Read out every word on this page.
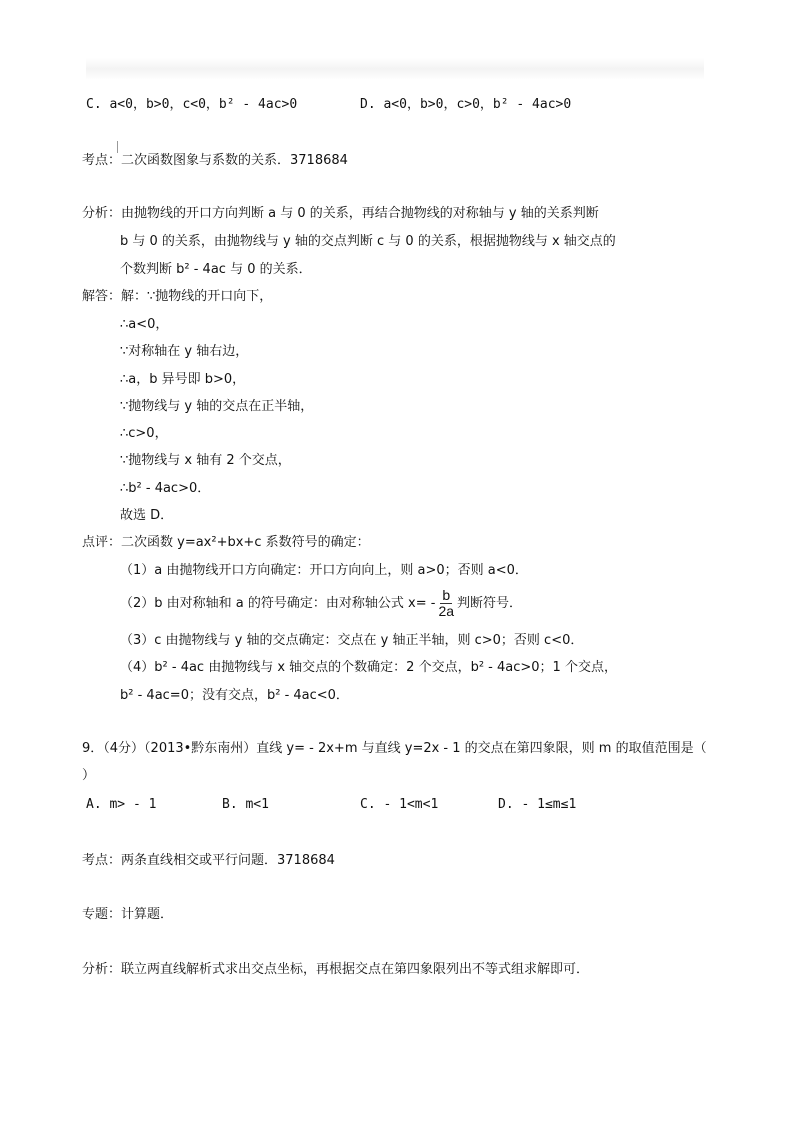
C. a<0，b>0，c<0，b² - 4ac>0	D. a<0，b>0，c>0，b² - 4ac>0
考点：二次函数图象与系数的关系．3718684
分析：由抛物线的开口方向判断 a 与 0 的关系，再结合抛物线的对称轴与 y 轴的关系判断
b 与 0 的关系，由抛物线与 y 轴的交点判断 c 与 0 的关系，根据抛物线与 x 轴交点的
个数判断 b² - 4ac 与 0 的关系．
解答：解：∵抛物线的开口向下，
∴a<0，
∵对称轴在 y 轴右边，
∴a，b 异号即 b>0，
∵抛物线与 y 轴的交点在正半轴，
∴c>0，
∵抛物线与 x 轴有 2 个交点，
∴b² - 4ac>0．
故选 D．
点评：二次函数 y=ax²+bx+c 系数符号的确定：
（1）a 由抛物线开口方向确定：开口方向向上，则 a>0；否则 a<0．
（2）b 由对称轴和 a 的符号确定：由对称轴公式 $x= - \frac{b}{2a}$ 判断符号．
（3）c 由抛物线与 y 轴的交点确定：交点在 y 轴正半轴，则 c>0；否则 c<0．
（4）b² - 4ac 由抛物线与 x 轴交点的个数确定：2 个交点，b² - 4ac>0；1 个交点，
b² - 4ac=0；没有交点，b² - 4ac<0．
9．（4分）（2013•黔东南州）直线 y= - 2x+m 与直线 y=2x - 1 的交点在第四象限，则 m 的取值范围是（
）
A. m> - 1	B. m<1	C. - 1<m<1	D. - 1≤m≤1
考点：两条直线相交或平行问题．3718684
专题：计算题．
分析：联立两直线解析式求出交点坐标，再根据交点在第四象限列出不等式组求解即可．
